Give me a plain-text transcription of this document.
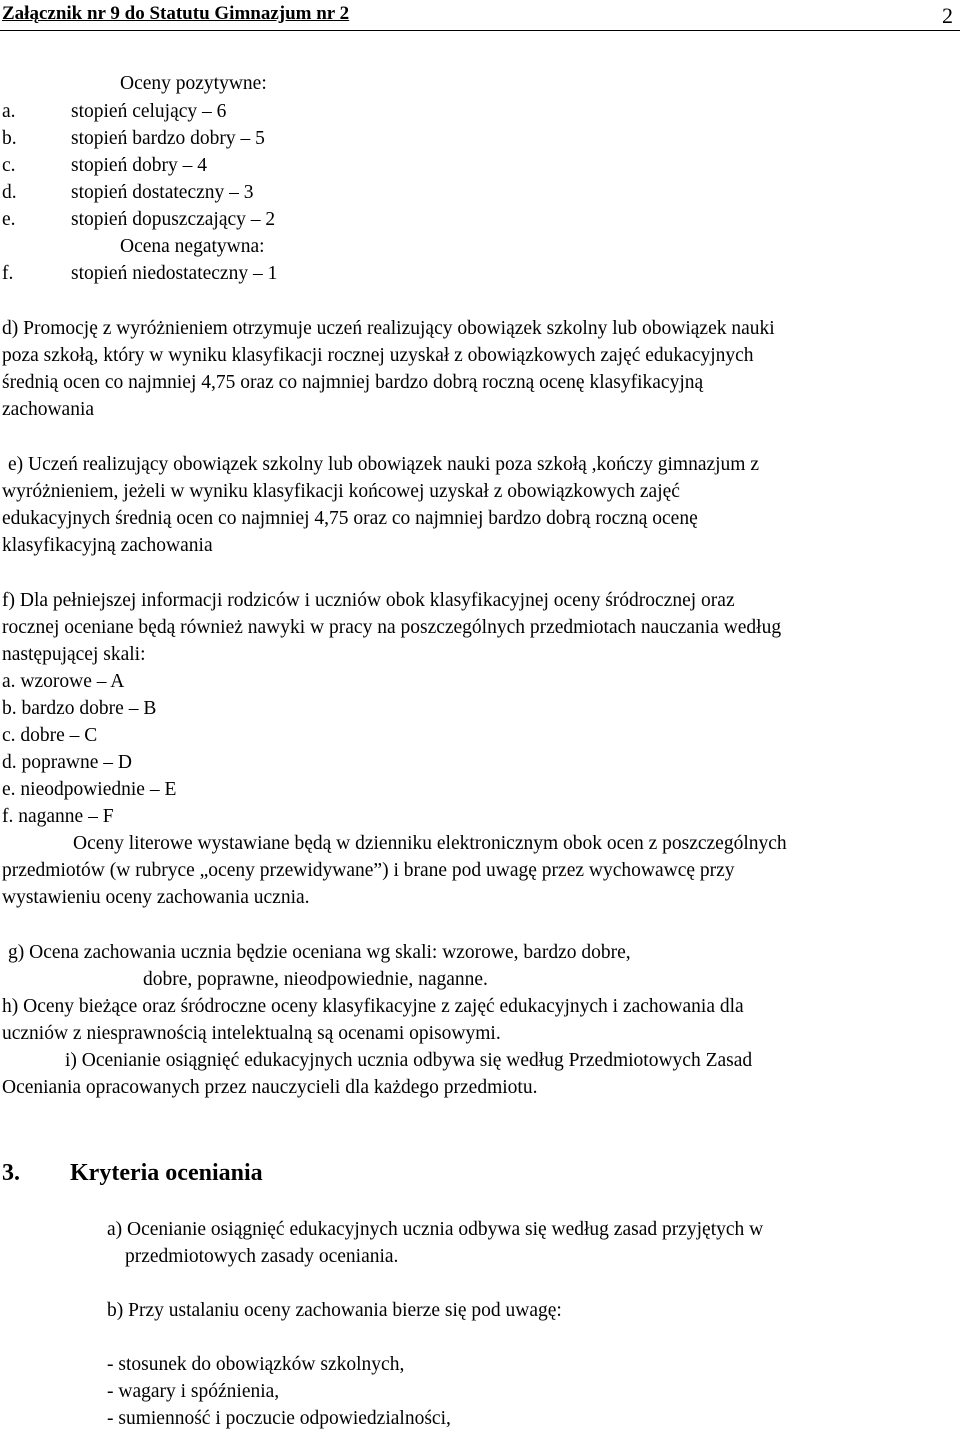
Załącznik nr 9 do Statutu Gimnazjum nr 2	2
Oceny pozytywne:
a.	stopień celujący – 6
b.	stopień bardzo dobry – 5
c.	stopień dobry – 4
d.	stopień dostateczny – 3
e.	stopień dopuszczający – 2
Ocena negatywna:
f.	stopień niedostateczny – 1
d) Promocję z wyróżnieniem otrzymuje uczeń realizujący obowiązek szkolny lub obowiązek nauki
poza szkołą, który w wyniku klasyfikacji rocznej uzyskał z obowiązkowych zajęć edukacyjnych
średnią ocen co najmniej 4,75 oraz co najmniej bardzo dobrą roczną ocenę klasyfikacyjną
zachowania
e) Uczeń realizujący obowiązek szkolny lub obowiązek nauki poza szkołą ,kończy gimnazjum z
wyróżnieniem, jeżeli w wyniku klasyfikacji końcowej uzyskał z obowiązkowych zajęć
edukacyjnych średnią ocen co najmniej 4,75 oraz co najmniej bardzo dobrą roczną ocenę
klasyfikacyjną zachowania
f) Dla pełniejszej informacji rodziców i uczniów obok klasyfikacyjnej oceny śródrocznej oraz
rocznej oceniane będą również nawyki w pracy na poszczególnych przedmiotach nauczania według
następującej skali:
a. wzorowe – A
b. bardzo dobre – B
c. dobre – C
d. poprawne – D
e. nieodpowiednie – E
f. naganne – F
Oceny literowe wystawiane będą w dzienniku elektronicznym obok ocen z poszczególnych
przedmiotów (w rubryce „oceny przewidywane”) i brane pod uwagę przez wychowawcę przy
wystawieniu oceny zachowania ucznia.
g) Ocena zachowania ucznia będzie oceniana wg skali: wzorowe, bardzo dobre,
dobre, poprawne, nieodpowiednie, naganne.
h) Oceny bieżące oraz śródroczne oceny klasyfikacyjne z zajęć edukacyjnych i zachowania dla
uczniów z niesprawnością intelektualną są ocenami opisowymi.
i) Ocenianie osiągnięć edukacyjnych ucznia odbywa się według Przedmiotowych Zasad
Oceniania opracowanych przez nauczycieli dla każdego przedmiotu.
3. Kryteria oceniania
a) Ocenianie osiągnięć edukacyjnych ucznia odbywa się według zasad przyjętych w
przedmiotowych zasady oceniania.
b) Przy ustalaniu oceny zachowania bierze się pod uwagę:
- stosunek do obowiązków szkolnych,
- wagary i spóźnienia,
- sumienność i poczucie odpowiedzialności,
